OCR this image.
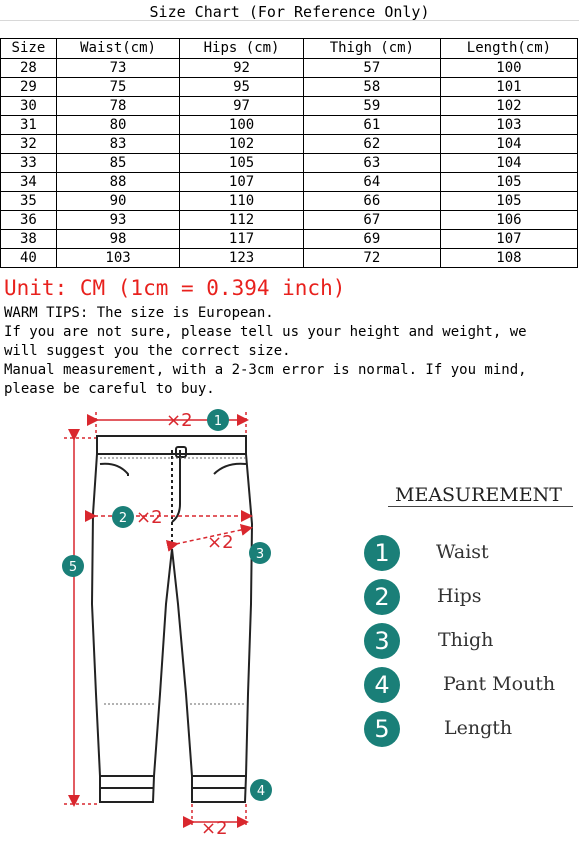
Size Chart (For Reference Only)
Size	Waist(cm)	Hips (cm)	Thigh (cm)	Length(cm)
28	73	92	57	100
29	75	95	58	101
30	78	97	59	102
31	80	100	61	103
32	83	102	62	104
33	85	105	63	104
34	88	107	64	105
35	90	110	66	105
36	93	112	67	106
38	98	117	69	107
40	103	123	72	108
Unit: CM (1cm = 0.394 inch)
WARM TIPS: The size is European.
If you are not sure, please tell us your height and weight, we
will suggest you the correct size.
Manual measurement, with a 2-3cm error is normal. If you mind,
please be careful to buy.
×2
×2
×2
×2
1
2
3
4
5
MEASUREMENT
1	Waist
2	Hips
3	Thigh
4	Pant Mouth
5	Length
